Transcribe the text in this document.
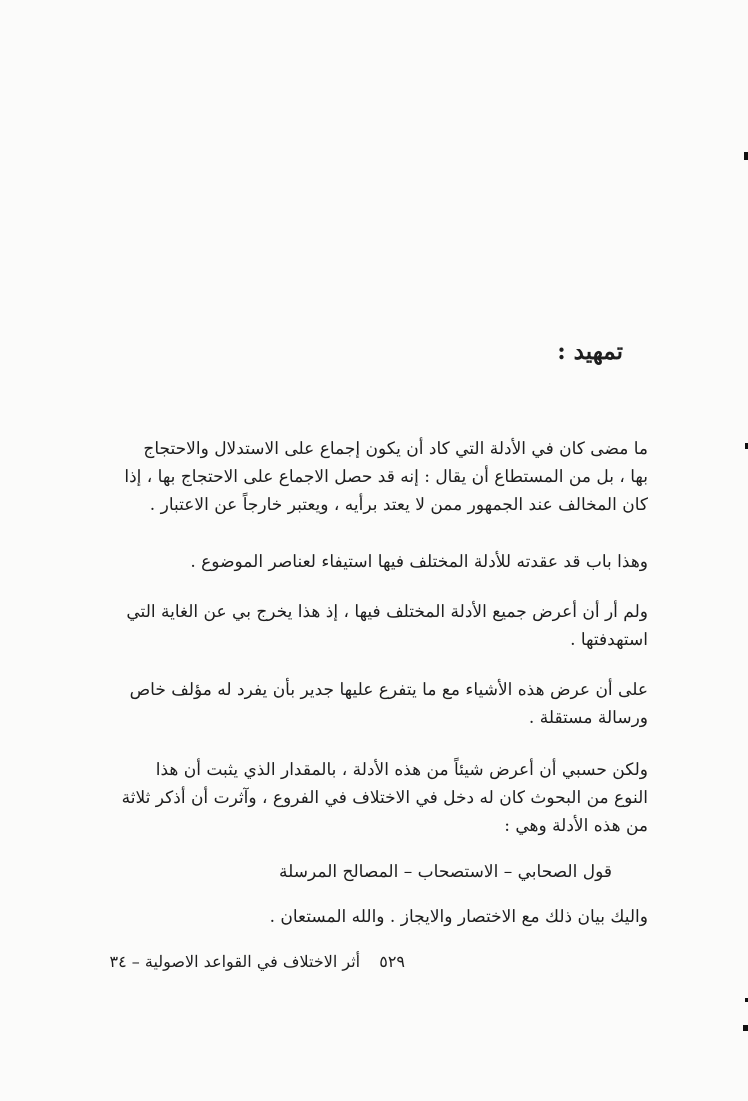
تمهيد :
ما مضى كان في الأدلة التي كاد أن يكون إجماع على الاستدلال والاحتجاج
بها ، بل من المستطاع أن يقال : إنه قد حصل الاجماع على الاحتجاج بها ، إذا
كان المخالف عند الجمهور ممن لا يعتد برأيه ، ويعتبر خارجاً عن الاعتبار .
وهذا باب قد عقدته للأدلة المختلف فيها استيفاء لعناصر الموضوع .
ولم أر أن أعرض جميع الأدلة المختلف فيها ، إذ هذا يخرج بي عن الغاية التي
استهدفتها .
على أن عرض هذه الأشياء مع ما يتفرع عليها جدير بأن يفرد له مؤلف خاص
ورسالة مستقلة .
ولكن حسبي أن أعرض شيئاً من هذه الأدلة ، بالمقدار الذي يثبت أن هذا
النوع من البحوث كان له دخل في الاختلاف في الفروع ، وآثرت أن أذكر ثلاثة
من هذه الأدلة وهي :
قول الصحابي – الاستصحاب – المصالح المرسلة
واليك بيان ذلك مع الاختصار والايجاز . والله المستعان .
٥٢٩ أثر الاختلاف في القواعد الاصولية – ٣٤
